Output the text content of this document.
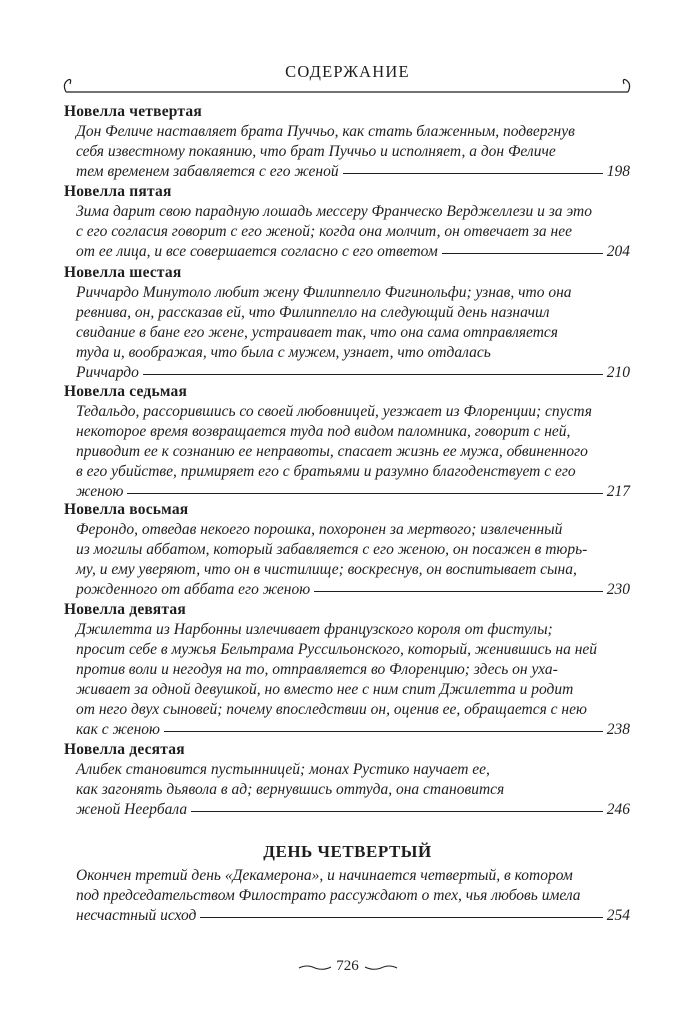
СОДЕРЖАНИЕ
Новелла четвертая
Дон Феличе наставляет брата Пуччьо, как стать блаженным, подвергнув
себя известному покаянию, что брат Пуччьо и исполняет, а дон Феличе
тем временем забавляется с его женой	198
Новелла пятая
Зима дарит свою парадную лошадь мессеру Франческо Верджеллези и за это
с его согласия говорит с его женой; когда она молчит, он отвечает за нее
от ее лица, и все совершается согласно с его ответом	204
Новелла шестая
Риччардо Минутоло любит жену Филиппелло Фигинольфи; узнав, что она
ревнива, он, рассказав ей, что Филиппелло на следующий день назначил
свидание в бане его жене, устраивает так, что она сама отправляется
туда и, воображая, что была с мужем, узнает, что отдалась
Риччардо	210
Новелла седьмая
Тедальдо, рассорившись со своей любовницей, уезжает из Флоренции; спустя
некоторое время возвращается туда под видом паломника, говорит с ней,
приводит ее к сознанию ее неправоты, спасает жизнь ее мужа, обвиненного
в его убийстве, примиряет его с братьями и разумно благоденствует с его
женою	217
Новелла восьмая
Ферондо, отведав некоего порошка, похоронен за мертвого; извлеченный
из могилы аббатом, который забавляется с его женою, он посажен в тюрь-
му, и ему уверяют, что он в чистилище; воскреснув, он воспитывает сына,
рожденного от аббата его женою	230
Новелла девятая
Джилетта из Нарбонны излечивает французского короля от фистулы;
просит себе в мужья Бельтрама Руссильонского, который, женившись на ней
против воли и негодуя на то, отправляется во Флоренцию; здесь он уха-
живает за одной девушкой, но вместо нее с ним спит Джилетта и родит
от него двух сыновей; почему впоследствии он, оценив ее, обращается с нею
как с женою	238
Новелла десятая
Алибек становится пустынницей; монах Рустико научает ее,
как загонять дьявола в ад; вернувшись оттуда, она становится
женой Неербала	246
ДЕНЬ ЧЕТВЕРТЫЙ
Окончен третий день «Декамерона», и начинается четвертый, в котором
под председательством Филострато рассуждают о тех, чья любовь имела
несчастный исход	254
726
